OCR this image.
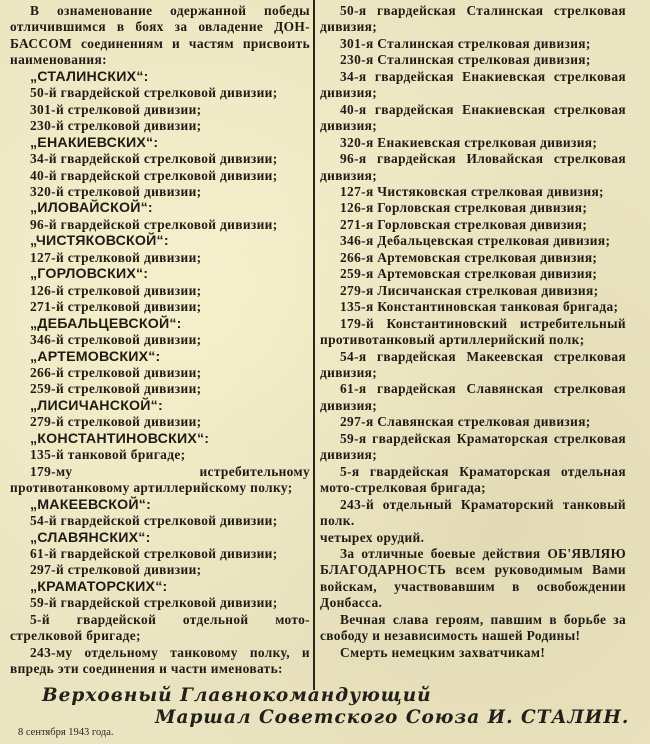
В ознаменование одержанной победы отличившимся в боях за овладение ДОН-БАССОМ соединениям и частям присвоить наименования:

„СТАЛИНСКИХ“:

50-й гвардейской стрелковой дивизии;

301-й стрелковой дивизии;

230-й стрелковой дивизии;

„ЕНАКИЕВСКИХ“:

34-й гвардейской стрелковой дивизии;

40-й гвардейской стрелковой дивизии;

320-й стрелковой дивизии;

„ИЛОВАЙСКОЙ“:

96-й гвардейской стрелковой дивизии;

„ЧИСТЯКОВСКОЙ“:

127-й стрелковой дивизии;

„ГОРЛОВСКИХ“:

126-й стрелковой дивизии;

271-й стрелковой дивизии;

„ДЕБАЛЬЦЕВСКОЙ“:

346-й стрелковой дивизии;

„АРТЕМОВСКИХ“:

266-й стрелковой дивизии;

259-й стрелковой дивизии;

„ЛИСИЧАНСКОЙ“:

279-й стрелковой дивизии;

„КОНСТАНТИНОВСКИХ“:

135-й танковой бригаде;

179-му истребительному противотанковому артиллерийскому полку;

„МАКЕЕВСКОЙ“:

54-й гвардейской стрелковой дивизии;

„СЛАВЯНСКИХ“:

61-й гвардейской стрелковой дивизии;

297-й стрелковой дивизии;

„КРАМАТОРСКИХ“:

59-й гвардейской стрелковой дивизии;

5-й гвардейской отдельной мото-стрелковой бригаде;

243-му отдельному танковому полку, и впредь эти соединения и части именовать:

50-я гвардейская Сталинская стрелковая дивизия;

301-я Сталинская стрелковая дивизия;

230-я Сталинская стрелковая дивизия;

34-я гвардейская Енакиевская стрелковая дивизия;

40-я гвардейская Енакиевская стрелковая дивизия;

320-я Енакиевская стрелковая дивизия;

96-я гвардейская Иловайская стрелковая дивизия;

127-я Чистяковская стрелковая дивизия;

126-я Горловская стрелковая дивизия;

271-я Горловская стрелковая дивизия;

346-я Дебальцевская стрелковая дивизия;

266-я Артемовская стрелковая дивизия;

259-я Артемовская стрелковая дивизия;

279-я Лисичанская стрелковая дивизия;

135-я Константиновская танковая бригада;

179-й Константиновский истребительный противотанковый артиллерийский полк;

54-я гвардейская Макеевская стрелковая дивизия;

61-я гвардейская Славянская стрелковая дивизия;

297-я Славянская стрелковая дивизия;

59-я гвардейская Краматорская стрелковая дивизия;

5-я гвардейская Краматорская отдельная мото-стрелковая бригада;

243-й отдельный Краматорский танковый полк.

четырех орудий.

За отличные боевые действия ОБ'ЯВЛЯЮ БЛАГОДАРНОСТЬ всем руководимым Вами войскам, участвовавшим в освобождении Донбасса.

Вечная слава героям, павшим в борьбе за свободу и независимость нашей Родины!

Смерть немецким захватчикам!

Верховный Главнокомандующий
Маршал Советского Союза И. СТАЛИН.
8 сентября 1943 года.
